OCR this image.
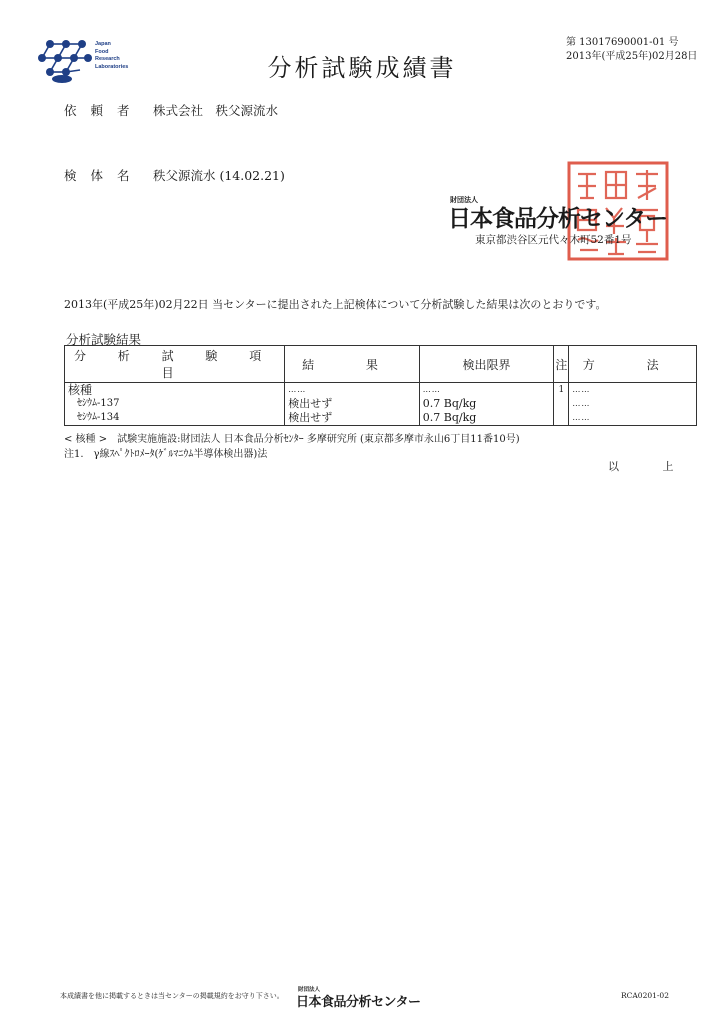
Japan
Food
Research
Laboratories	分析試験成績書
第 13017690001-01 号
2013年(平成25年)02月28日
依 頼 者 株式会社　秩父源流水
検 体 名 秩父源流水 (14.02.21)
財団法人
日本食品分析センター
東京都渋谷区元代々木町52番1号
2013年(平成25年)02月22日 当センターに提出された上記検体について分析試験した結果は次のとおりです。
分析試験結果
分 析 試 験 項 目	結 果	検出限界	注	方 法
核種	……	……	1	……
ｾｼｳﾑ-137	検出せず	0.7 Bq/kg		……
ｾｼｳﾑ-134	検出せず	0.7 Bq/kg		……
< 核種 >　試験実施施設:財団法人 日本食品分析ｾﾝﾀｰ 多摩研究所 (東京都多摩市永山6丁目11番10号)
注1.　γ線ｽﾍﾟｸﾄﾛﾒｰﾀ(ｹﾞﾙﾏﾆｳﾑ半導体検出器)法
以 上
本成績書を他に掲載するときは当センターの掲載規約をお守り下さい。
財団法人
日本食品分析センター	RCA0201-02
